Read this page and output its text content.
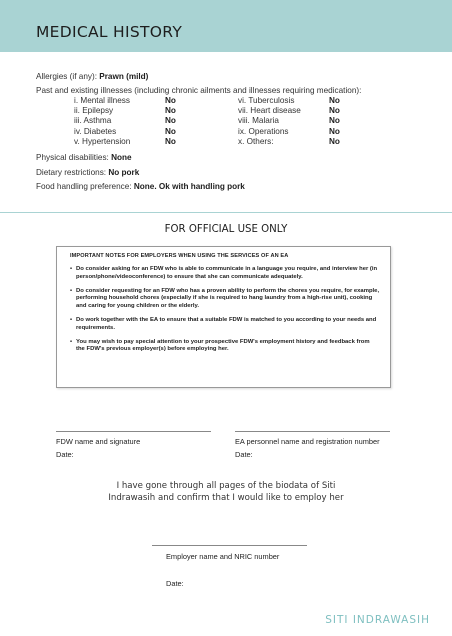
MEDICAL HISTORY
Allergies (if any): Prawn (mild)
Past and existing illnesses (including chronic ailments and illnesses requiring medication):
i. Mental illness	No	vi. Tuberculosis	No
ii. Epilepsy	No	vii. Heart disease	No
iii. Asthma	No	viii. Malaria	No
iv. Diabetes	No	ix. Operations	No
v. Hypertension	No	x. Others:	No
Physical disabilities: None
Dietary restrictions: No pork
Food handling preference: None. Ok with handling pork
FOR OFFICIAL USE ONLY
IMPORTANT NOTES FOR EMPLOYERS WHEN USING THE SERVICES OF AN EA
• Do consider asking for an FDW who is able to communicate in a language you require, and interview her (in person/phone/videoconference) to ensure that she can communicate adequately.
• Do consider requesting for an FDW who has a proven ability to perform the chores you require, for example, performing household chores (especially if she is required to hang laundry from a high-rise unit), cooking and caring for young children or the elderly.
• Do work together with the EA to ensure that a suitable FDW is matched to you according to your needs and requirements.
• You may wish to pay special attention to your prospective FDW's employment history and feedback from the FDW's previous employer(s) before employing her.
FDW name and signature
Date:
EA personnel name and registration number
Date:
I have gone through all pages of the biodata of Siti Indrawasih and confirm that I would like to employ her
Employer name and NRIC number
Date:
SITI INDRAWASIH
